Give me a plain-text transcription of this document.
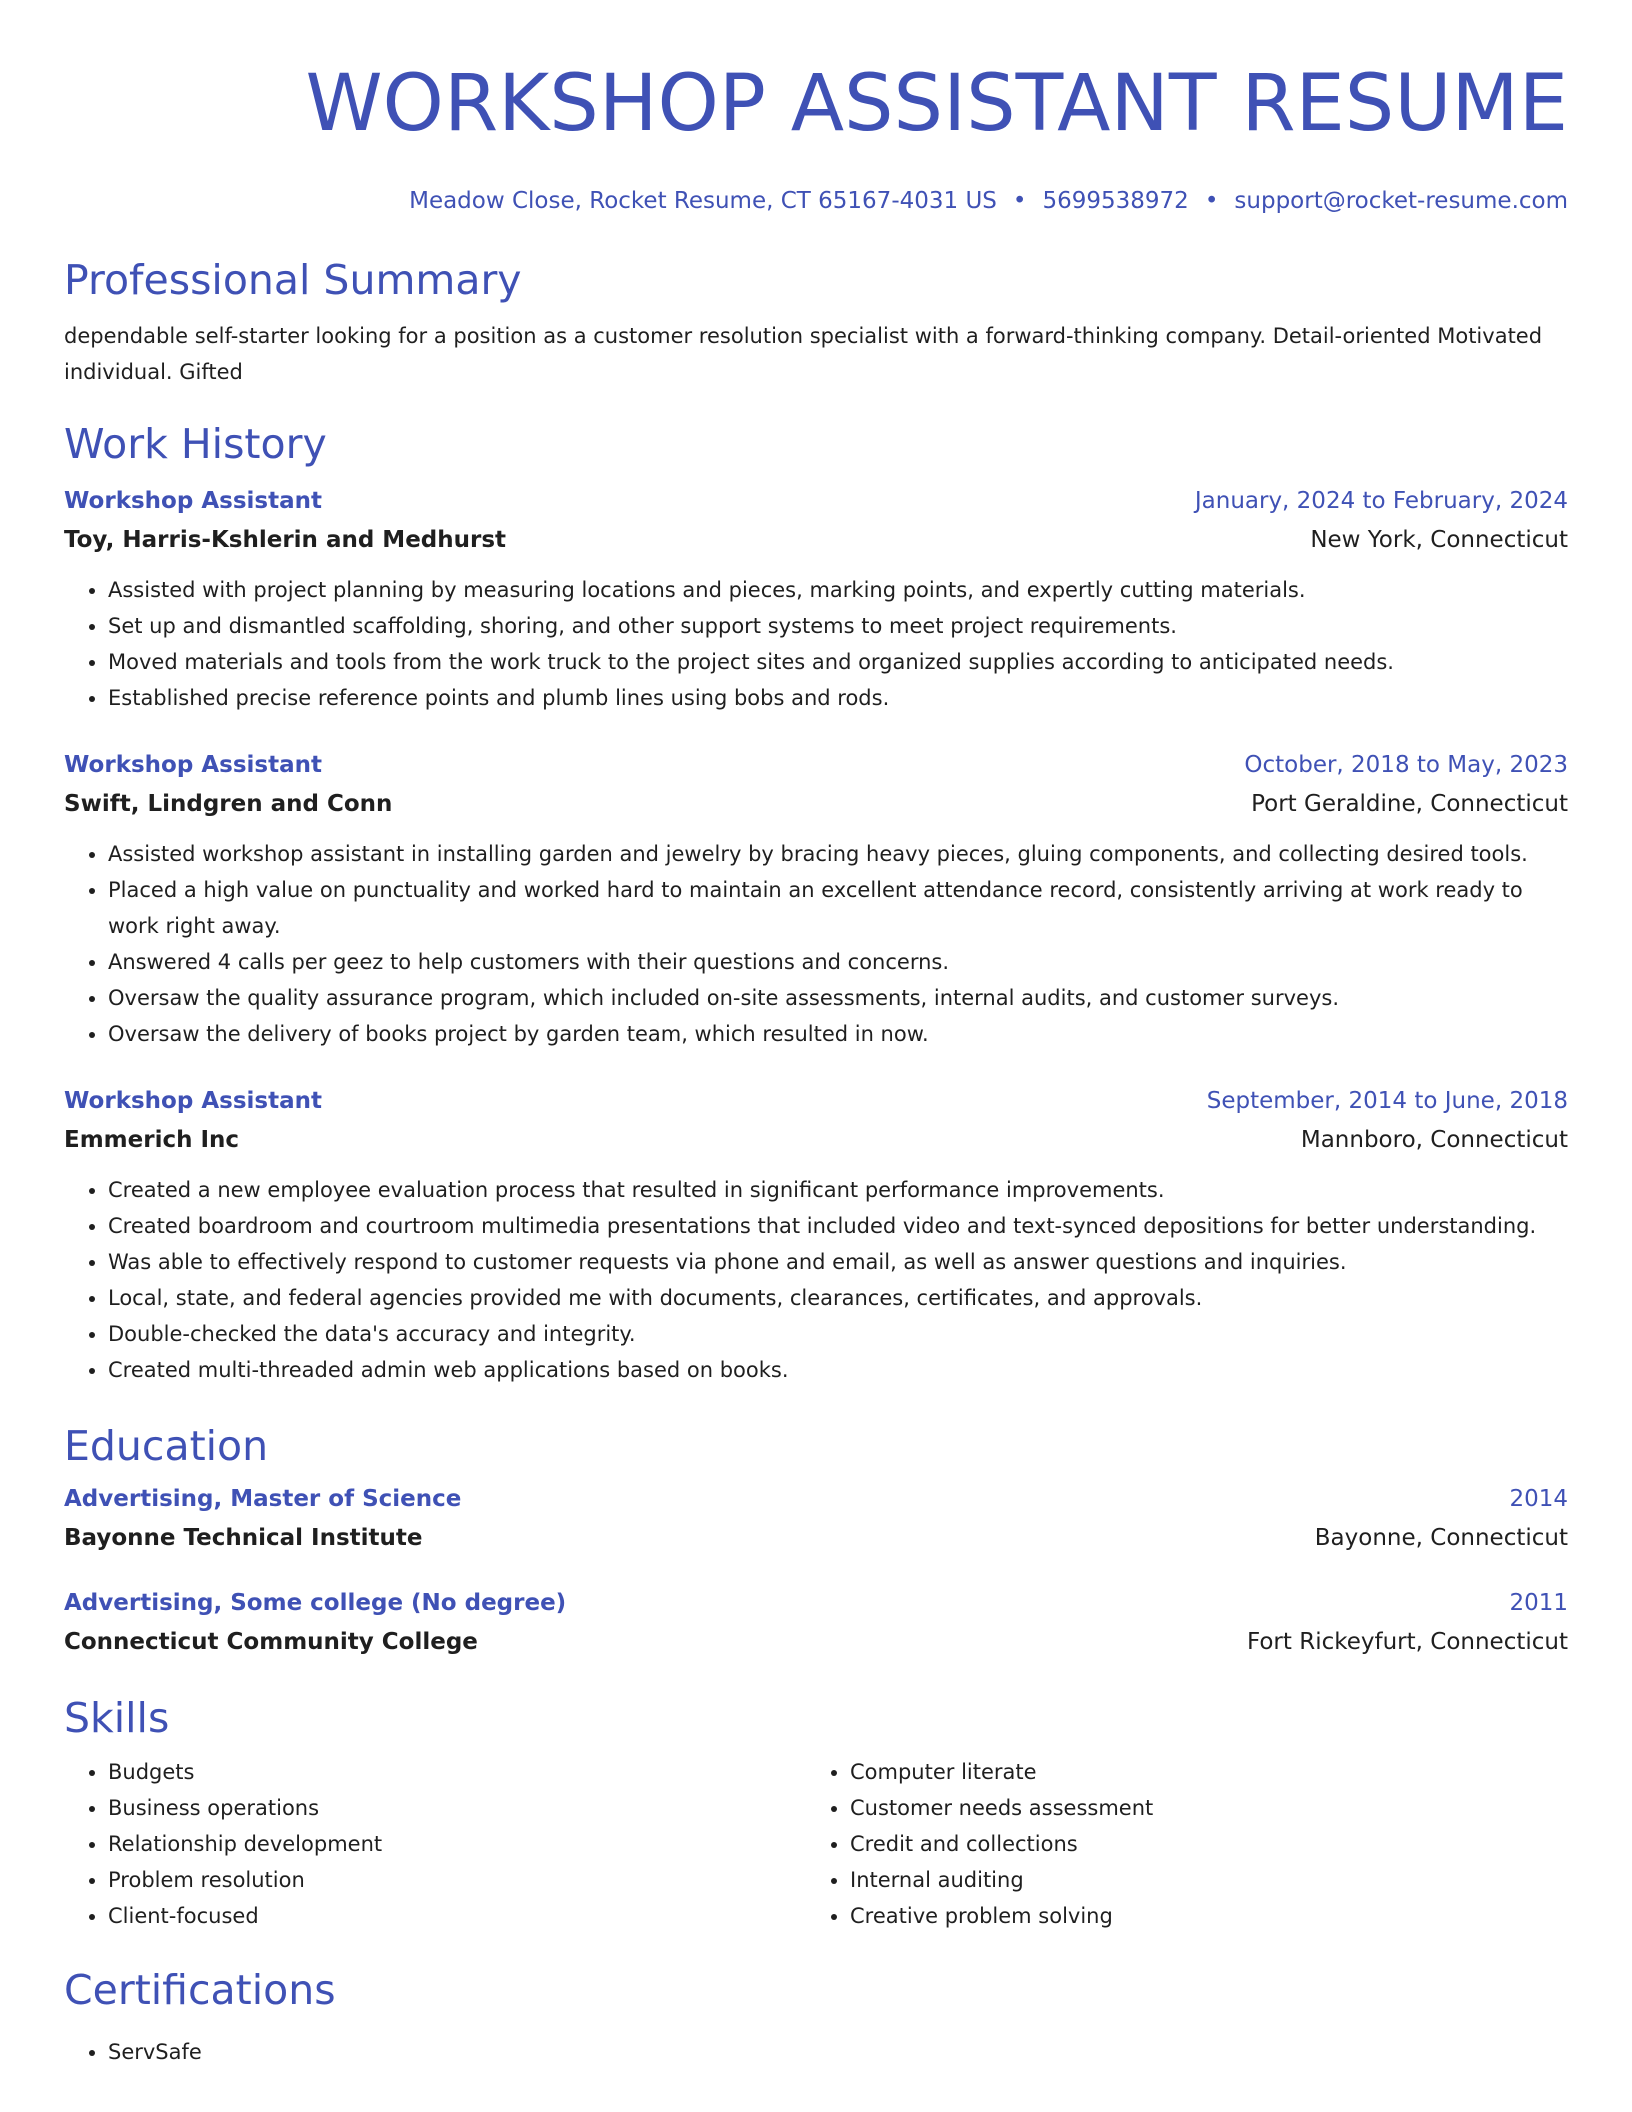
WORKSHOP ASSISTANT RESUME
Meadow Close, Rocket Resume, CT 65167-4031 US • 5699538972 • support@rocket-resume.com
Professional Summary
dependable self-starter looking for a position as a customer resolution specialist with a forward-thinking company. Detail-oriented Motivated individual. Gifted
Work History
Workshop Assistant	January, 2024 to February, 2024
Toy, Harris-Kshlerin and Medhurst	New York, Connecticut
• Assisted with project planning by measuring locations and pieces, marking points, and expertly cutting materials.
• Set up and dismantled scaffolding, shoring, and other support systems to meet project requirements.
• Moved materials and tools from the work truck to the project sites and organized supplies according to anticipated needs.
• Established precise reference points and plumb lines using bobs and rods.
Workshop Assistant	October, 2018 to May, 2023
Swift, Lindgren and Conn	Port Geraldine, Connecticut
• Assisted workshop assistant in installing garden and jewelry by bracing heavy pieces, gluing components, and collecting desired tools.
• Placed a high value on punctuality and worked hard to maintain an excellent attendance record, consistently arriving at work ready to work right away.
• Answered 4 calls per geez to help customers with their questions and concerns.
• Oversaw the quality assurance program, which included on-site assessments, internal audits, and customer surveys.
• Oversaw the delivery of books project by garden team, which resulted in now.
Workshop Assistant	September, 2014 to June, 2018
Emmerich Inc	Mannboro, Connecticut
• Created a new employee evaluation process that resulted in significant performance improvements.
• Created boardroom and courtroom multimedia presentations that included video and text-synced depositions for better understanding.
• Was able to effectively respond to customer requests via phone and email, as well as answer questions and inquiries.
• Local, state, and federal agencies provided me with documents, clearances, certificates, and approvals.
• Double-checked the data's accuracy and integrity.
• Created multi-threaded admin web applications based on books.
Education
Advertising, Master of Science	2014
Bayonne Technical Institute	Bayonne, Connecticut
Advertising, Some college (No degree)	2011
Connecticut Community College	Fort Rickeyfurt, Connecticut
Skills
• Budgets
• Business operations
• Relationship development
• Problem resolution
• Client-focused
• Computer literate
• Customer needs assessment
• Credit and collections
• Internal auditing
• Creative problem solving
Certifications
• ServSafe
